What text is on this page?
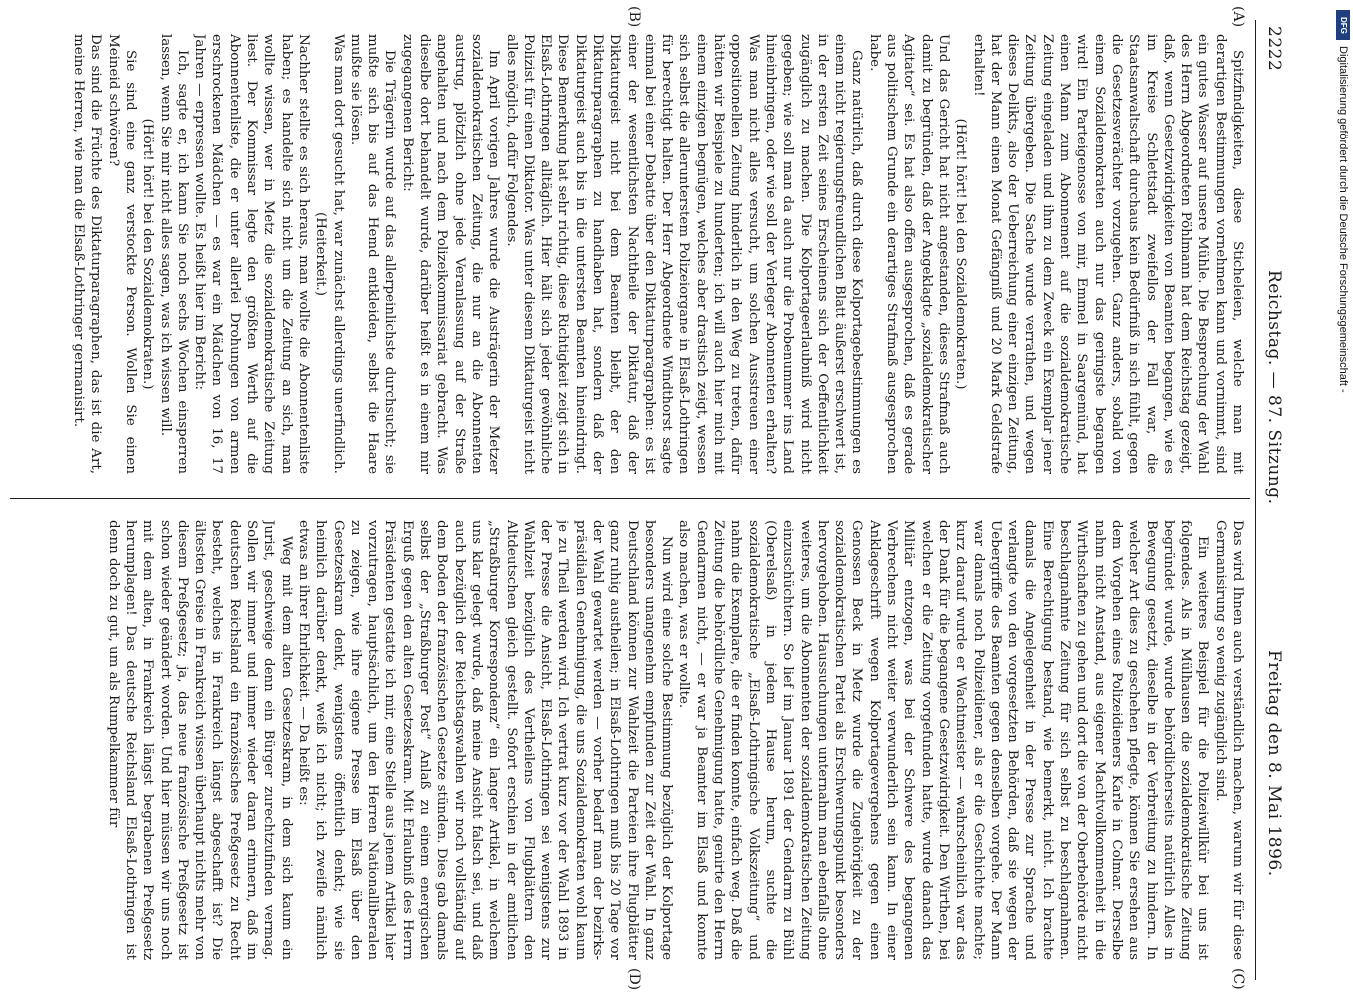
2222
Reichstag. — 87. Sitzung.
Freitag den 8. Mai 1896.
(A)
(B)
(C)
(D)

Spitzfindigkeiten, diese Sticheleien, welche man mit derartigen Bestimmungen vornehmen kann und vornimmt, sind ein gutes Wasser auf unsere Mühle. Die Besprechung der Wahl des Herrn Abgeordneten Pöhlmann hat dem Reichstag gezeigt, daß, wenn Gesetzwidrigkeiten von Beamten begangen, wie es im Kreise Schlettstadt zweifellos der Fall war, die Staatsanwaltschaft durchaus kein Bedürfniß in sich fühlt, gegen die Gesetzesverächter vorzugehen. Ganz anders, sobald von einem Sozialdemokraten auch nur das geringste begangen wird! Ein Parteigenosse von mir, Emmel in Saargemünd, hat einen Mann zum Abonnement auf die sozialdemokratische Zeitung eingeladen und ihm zu dem Zweck ein Exemplar jener Zeitung übergeben. Die Sache wurde verrathen, und wegen dieses Delikts, also der Ueberreichung einer einzigen Zeitung, hat der Mann einen Monat Gefängniß und 20 Mark Geldstrafe erhalten!

(Hört! hört! bei den Sozialdemokraten.)

Und das Gericht hat nicht angestanden, dieses Strafmaß auch damit zu begründen, daß der Angeklagte „sozialdemokratischer Agitator“ sei. Es hat also offen ausgesprochen, daß es gerade aus politischem Grunde ein derartiges Strafmaß ausgesprochen habe.

Ganz natürlich, daß durch diese Kolportagebestimmungen es einem nicht regierungsfreundlichen Blatt äußerst erschwert ist, in der ersten Zeit seines Erscheinens sich der Oeffentlichkeit zugänglich zu machen. Die Kolportageerlaubniß wird nicht gegeben; wie soll man da auch nur die Probenummer ins Land hineinbringen, oder wie soll der Verleger Abonnenten erhalten? Was man nicht alles versucht, um solchen Ausstreuen einer oppositionellen Zeitung hinderlich in den Weg zu treten, dafür hätten wir Beispiele zu hunderten; ich will auch hier mich mit einem einzigen begnügen, welches aber drastisch zeigt, wessen sich selbst die allerunterstem Polizeiorgane in Elsaß-Lothringen für berechtigt halten. Der Herr Abgeordnete Windthorst sagte einmal bei einer Debatte über den Diktaturparagraphen: es ist einer der wesentlichsten Nachtheile der Diktatur, daß der Diktaturgeist nicht bei dem Beamten bleibt, der den Diktaturparagraphen zu handhaben hat, sondern daß der Diktaturgeist auch bis in die untersten Beamten hineindringt. Diese Bemerkung hat sehr richtig, diese Richtigkeit zeigt sich in Elsaß-Lothringen alltäglich. Hier hält sich jeder gewöhnliche Polizist für einen Diktator. Was unter diesem Diktaturgeist nicht alles möglich, dafür Folgendes.

Im April vorigen Jahres wurde die Austrägerin der Metzer sozialdemokratischen Zeitung, die nur an die Abonnenten austrug, plötzlich ohne jede Veranlassung auf der Straße angehalten und nach dem Polizeikommissariat gebracht. Was dieselbe dort behandelt wurde, darüber heißt es in einem mir zugegangenen Bericht:

Die Trägerin wurde auf das allerpeinlichste durchsucht; sie mußte sich bis auf das Hemd entkleiden, selbst die Haare mußte sie lösen.

Was man dort gesucht hat, war zunächst allerdings unerfindlich.

(Heiterkeit.)

Nachher stellte es sich heraus, man wollte die Abonnentenliste haben; es handelte sich nicht um die Zeitung an sich, man wollte wissen, wer in Metz die sozialdemokratische Zeitung liest. Der Kommissar legte den größten Werth auf die Abonnentenliste, die er unter allerlei Drohungen von armen erschrockenen Mädchen — es war ein Mädchen von 16, 17 Jahren — erpressen wollte. Es heißt hier im Bericht:

Ich, sagte er, ich kann Sie noch sechs Wochen einsperren lassen, wenn Sie mir nicht alles sagen, was ich wissen will.

(Hört! hört! bei den Sozialdemokraten.)

Sie sind eine ganz verstockte Person. Wollen Sie einen Meineid schwören?

Das sind die Früchte des Diktaturparagraphen, das ist die Art, meine Herren, wie man die Elsaß-Lothringer germanisirt.

Das wird Ihnen auch verständlich machen, warum wir für diese Germanisirung so wenig zugänglich sind.

Ein weiteres Beispiel für die Polizeiwillkür bei uns ist folgendes. Als in Mülhausen die sozialdemokratische Zeitung begründet wurde, wurde behördlicherseits natürlich Alles in Bewegung gesetzt, dieselbe in der Verbreitung zu hindern. In welcher Art dies zu geschehen pflegte, können Sie ersehen aus dem Vorgehen eines Polizeidieners Karle in Colmar. Derselbe nahm nicht Anstand, aus eigener Machtvollkommenheit in die Wirthschaften zu gehen und dort die von der Oberbehörde nicht beschlagnahmte Zeitung für sich selbst zu beschlagnahmen. Eine Berechtigung bestand, wie bemerkt, nicht. Ich brachte damals die Angelegenheit in der Presse zur Sprache und verlangte von den vorgesetzten Behörden, daß sie wegen der Uebergriffe des Beamten gegen denselben vorgehe. Der Mann war damals noch Polizeidiener, als er die Geschichte machte; kurz darauf wurde er Wachtmeister — wahrscheinlich war das der Dank für die begangene Gesetzwidrigkeit. Den Wirthen, bei welchen er die Zeitung vorgefunden hatte, wurde danach das Militär entzogen, was bei der Schwere des begangenen Verbrechens nicht weiter verwunderlich sein kann. In einer Anklageschrift wegen Kolportagevergehens gegen einen Genossen Beck in Metz wurde die Zugehörigkeit zu der sozialdemokratischen Partei als Erschwerungspunkt besonders hervorgehoben. Haussuchungen unternahm man ebenfalls ohne weiteres, um die Abonnenten der sozialdemokratischen Zeitung einzuschüchtern. So lief im Januar 1891 der Gendarm zu Bühl (Oberelsaß) in jedem Hause herum, suchte die sozialdemokratische „Elsaß-Lothringische Volkszeitung“ und nahm die Exemplare, die er finden konnte, einfach weg. Daß die Zeitung die behördliche Genehmigung hatte, genirte den Herrn Gendarmen nicht, — er war ja Beamter im Elsaß und konnte also machen, was er wollte.

Nun wird eine solche Bestimmung bezüglich der Kolportage besonders unangenehm empfunden zur Zeit der Wahl. In ganz Deutschland können zur Wahlzeit die Parteien ihre Flugblätter ganz ruhig austheilen; in Elsaß-Lothringen muß bis 20 Tage vor der Wahl gewartet werden — vorher bedarf man der bezirks-präsidialen Genehmigung, die uns Sozialdemokraten wohl kaum je zu Theil werden wird. Ich vertrat kurz vor der Wahl 1893 in der Presse die Ansicht, Elsaß-Lothringen sei wenigstens zur Wahlzeit bezüglich des Vertheilens von Flugblättern den Altdeutschen gleich gestellt. Sofort erschien in der amtlichen „Straßburger Korrespondenz“ ein langer Artikel, in welchem uns klar gelegt wurde, daß meine Ansicht falsch sei, und daß auch bezüglich der Reichstagswahlen wir noch vollständig auf dem Boden der französischen Gesetze stünden. Dies gab damals selbst der „Straßburger Post“ Anlaß zu einem energischen Erguß gegen den alten Gesetzeskram. Mit Erlaubniß des Herrn Präsidenten gestatte ich mir, eine Stelle aus jenem Artikel hier vorzutragen, hauptsächlich, um den Herren Nationalliberalen zu zeigen, wie ihre eigene Presse im Elsaß über den Gesetzeskram denkt, wenigstens öffentlich denkt; wie sie heimlich darüber denkt, weiß ich nicht; ich zweifle nämlich etwas an ihrer Ehrlichkeit. — Da heißt es:

Weg mit dem alten Gesetzeskram, in dem sich kaum ein Jurist, geschweige denn ein Bürger zurechtzufinden vermag. Sollen wir immer und immer wieder daran erinnern, daß im deutschen Reichsland ein französisches Preßgesetz zu Recht besteht, welches in Frankreich längst abgeschafft ist? Die ältesten Greise in Frankreich wissen überhaupt nichts mehr von diesem Preßgesetz; ja, das neue französische Preßgesetz ist schon wieder geändert worden. Und hier müssen wir uns noch mit dem alten, in Frankreich längst begrabenen Preßgesetz herumplagen! Das deutsche Reichsland Elsaß-Lothringen ist denn doch zu gut, um als Rumpelkammer für

DFG
Digitalisierung gefördert durch die Deutsche Forschungsgemeinschaft -
